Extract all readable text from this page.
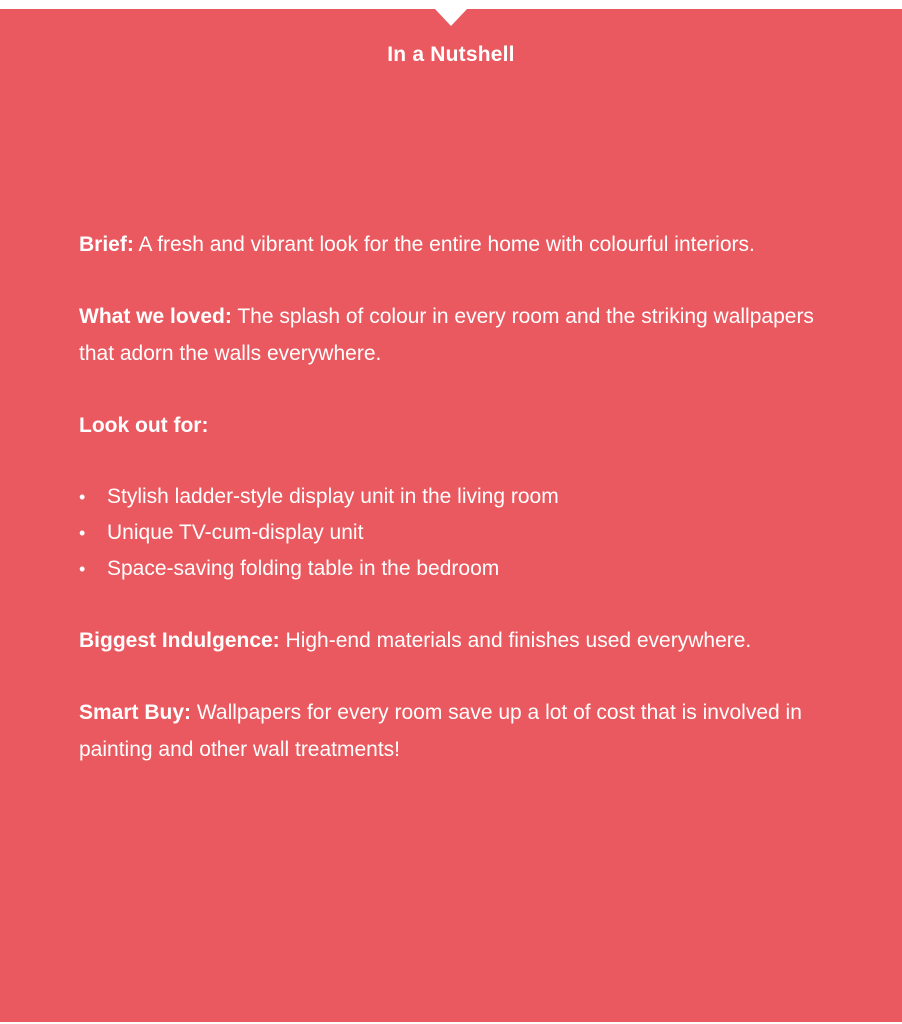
In a Nutshell

Brief: A fresh and vibrant look for the entire home with colourful interiors.

What we loved: The splash of colour in every room and the striking wallpapers that adorn the walls everywhere.

Look out for:

• Stylish ladder-style display unit in the living room
• Unique TV-cum-display unit
• Space-saving folding table in the bedroom

Biggest Indulgence: High-end materials and finishes used everywhere.

Smart Buy: Wallpapers for every room save up a lot of cost that is involved in painting and other wall treatments!
